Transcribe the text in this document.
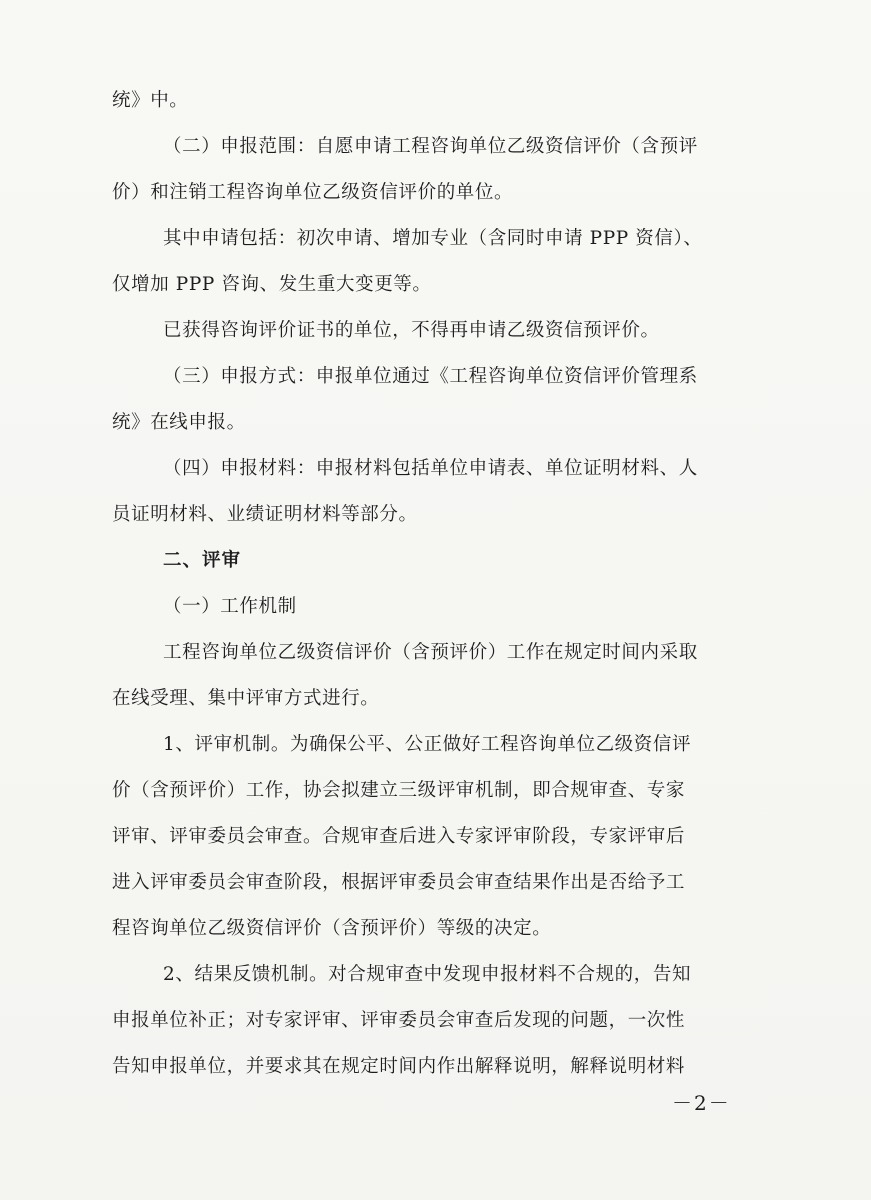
统》中。
（二）申报范围：自愿申请工程咨询单位乙级资信评价（含预评
价）和注销工程咨询单位乙级资信评价的单位。
其中申请包括：初次申请、增加专业（含同时申请 PPP 资信）、
仅增加 PPP 咨询、发生重大变更等。
已获得咨询评价证书的单位，不得再申请乙级资信预评价。
（三）申报方式：申报单位通过《工程咨询单位资信评价管理系
统》在线申报。
（四）申报材料：申报材料包括单位申请表、单位证明材料、人
员证明材料、业绩证明材料等部分。
二、评审
（一）工作机制
工程咨询单位乙级资信评价（含预评价）工作在规定时间内采取
在线受理、集中评审方式进行。
1、评审机制。为确保公平、公正做好工程咨询单位乙级资信评
价（含预评价）工作，协会拟建立三级评审机制，即合规审查、专家
评审、评审委员会审查。合规审查后进入专家评审阶段，专家评审后
进入评审委员会审查阶段，根据评审委员会审查结果作出是否给予工
程咨询单位乙级资信评价（含预评价）等级的决定。
2、结果反馈机制。对合规审查中发现申报材料不合规的，告知
申报单位补正；对专家评审、评审委员会审查后发现的问题，一次性
告知申报单位，并要求其在规定时间内作出解释说明，解释说明材料
－2－
